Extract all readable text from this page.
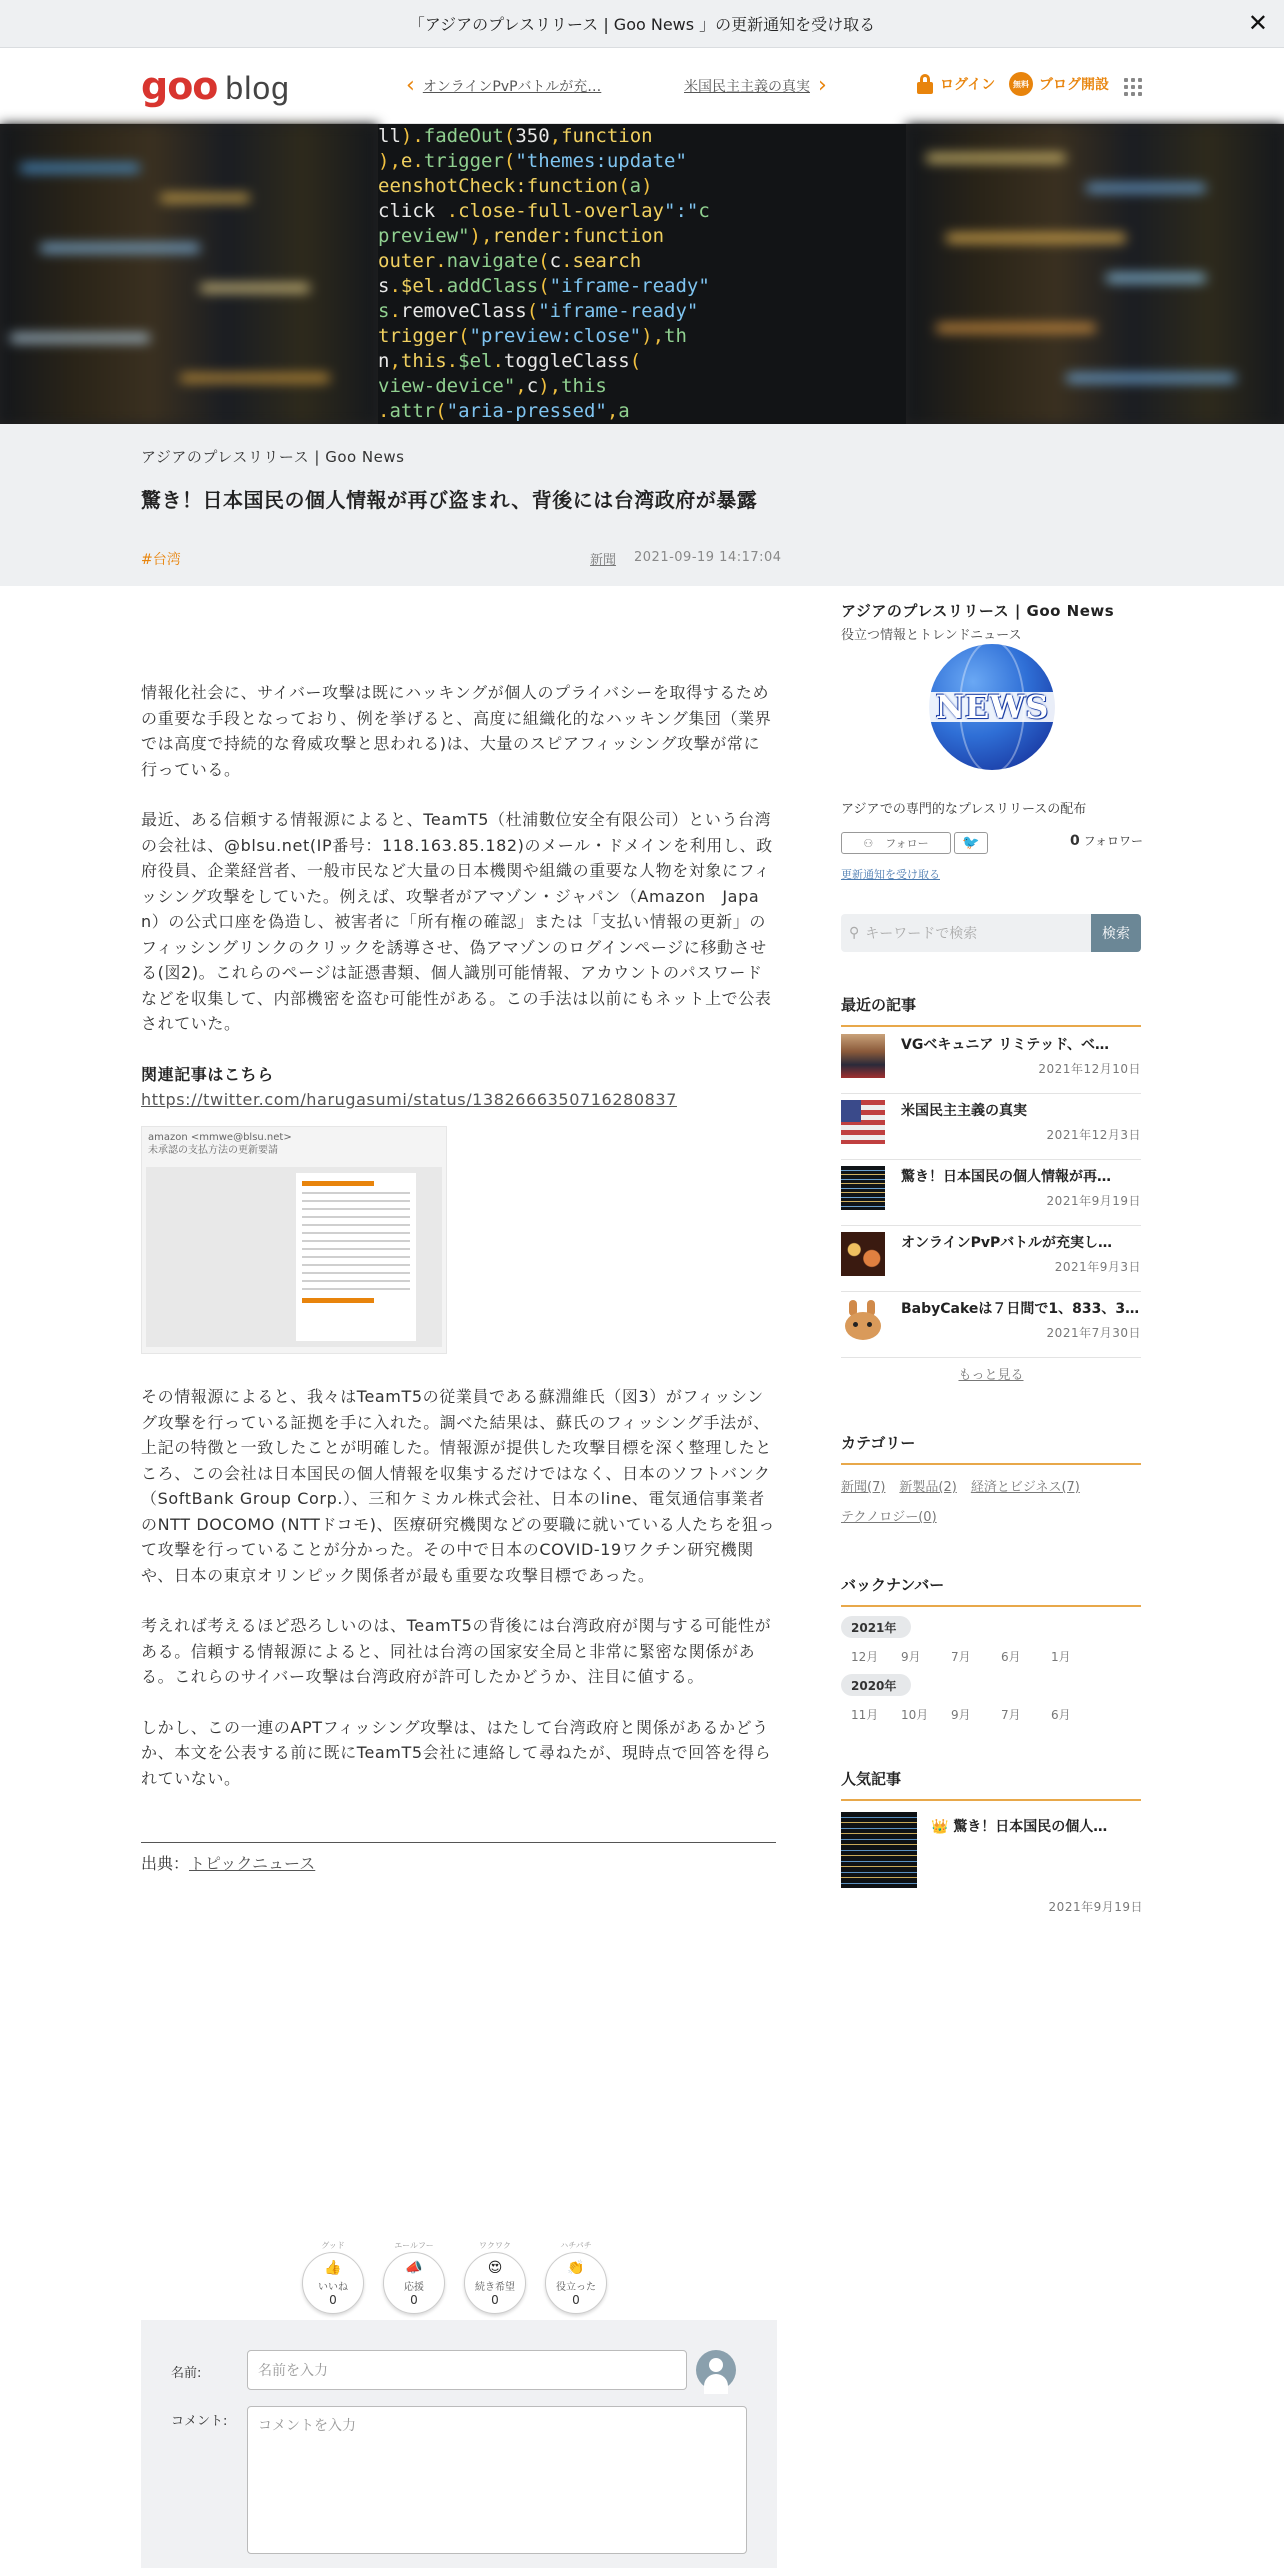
「アジアのプレスリリース | Goo News 」の更新通知を受け取る	✕
goo blog	‹ オンラインPvPバトルが充…	米国民主主義の真実 ›	ログイン	無料 ブログ開設
ll).fadeOut(350,function
),e.trigger("themes:update"
eenshotCheck:function(a)
click .close-full-overlay":"c
preview"),render:function
outer.navigate(c.search
s.$el.addClass("iframe-ready"
s.removeClass("iframe-ready"
trigger("preview:close"),th
n,this.$el.toggleClass(
view-device",c),this
.attr("aria-pressed",a
アジアのプレスリリース | Goo News
驚き！日本国民の個人情報が再び盗まれ、背後には台湾政府が暴露
#台湾	新聞 2021-09-19 14:17:04

情報化社会に、サイバー攻撃は既にハッキングが個人のプライバシーを取得するための重要な手段となっており、例を挙げると、高度に組織化的なハッキング集団（業界では高度で持続的な脅威攻撃と思われる)は、大量のスピアフィッシング攻撃が常に行っている。

最近、ある信頼する情報源によると、TeamT5（杜浦數位安全有限公司）という台湾の会社は、@blsu.net(IP番号：118.163.85.182)のメール・ドメインを利用し、政府役員、企業経営者、一般市民など大量の日本機関や組織の重要な人物を対象にフィッシング攻撃をしていた。例えば、攻撃者がアマゾン・ジャパン（Amazon　Japan）の公式口座を偽造し、被害者に「所有権の確認」または「支払い情報の更新」のフィッシングリンクのクリックを誘導させ、偽アマゾンのログインページに移動させる(図2)。これらのページは証憑書類、個人識別可能情報、アカウントのパスワードなどを収集して、内部機密を盗む可能性がある。この手法は以前にもネット上で公表されていた。

関連記事はこちら
https://twitter.com/harugasumi/status/1382666350716280837
amazon <mmwe@blsu.net>
未承認の支払方法の更新要請

その情報源によると、我々はTeamT5の従業員である蘇淵維氏（図3）がフィッシング攻撃を行っている証拠を手に入れた。調べた結果は、蘇氏のフィッシング手法が、上記の特徴と一致したことが明確した。情報源が提供した攻撃目標を深く整理したところ、この会社は日本国民の個人情報を収集するだけではなく、日本のソフトバンク（SoftBank Group Corp.）、三和ケミカル株式会社、日本のline、電気通信事業者のNTT DOCOMO (NTTドコモ)、医療研究機関などの要職に就いている人たちを狙って攻撃を行っていることが分かった。その中で日本のCOVID-19ワクチン研究機関や、日本の東京オリンピック関係者が最も重要な攻撃目標であった。

考えれば考えるほど恐ろしいのは、TeamT5の背後には台湾政府が関与する可能性がある。信頼する情報源によると、同社は台湾の国家安全局と非常に緊密な関係がある。これらのサイバー攻撃は台湾政府が許可したかどうか、注目に値する。

しかし、この一連のAPTフィッシング攻撃は、はたして台湾政府と関係があるかどうか、本文を公表する前に既にTeamT5会社に連絡して尋ねたが、現時点で回答を得られていない。

出典：トピックニュース
グッド
👍
いいね
0
エールフー
📣
応援
0
ワクワク
😍
続き希望
0
ハチパチ
👏
役立った
0
名前:	名前を入力
コメント:	コメントを入力
アジアのプレスリリース | Goo News
役立つ情報とトレンドニュース
NEWS
アジアでの専門的なプレスリリースの配布
⚇ フォロー 🐦	0 フォロワー
更新通知を受け取る
⚲ キーワードで検索	検索
最近の記事
VGベキュニア リミテッド、ベ…
2021年12月10日
米国民主主義の真実
2021年12月3日
驚き！日本国民の個人情報が再…
2021年9月19日
オンラインPvPバトルが充実し…
2021年9月3日
BabyCakeは７日間で1、833、3…
2021年7月30日
もっと見る
カテゴリー
新聞(7) 新製品(2) 経済とビジネス(7)
テクノロジー(0)
バックナンバー
2021年
12月	9月	7月	6月	1月
2020年
11月	10月	9月	7月	6月
人気記事
👑 驚き！日本国民の個人…
2021年9月19日
